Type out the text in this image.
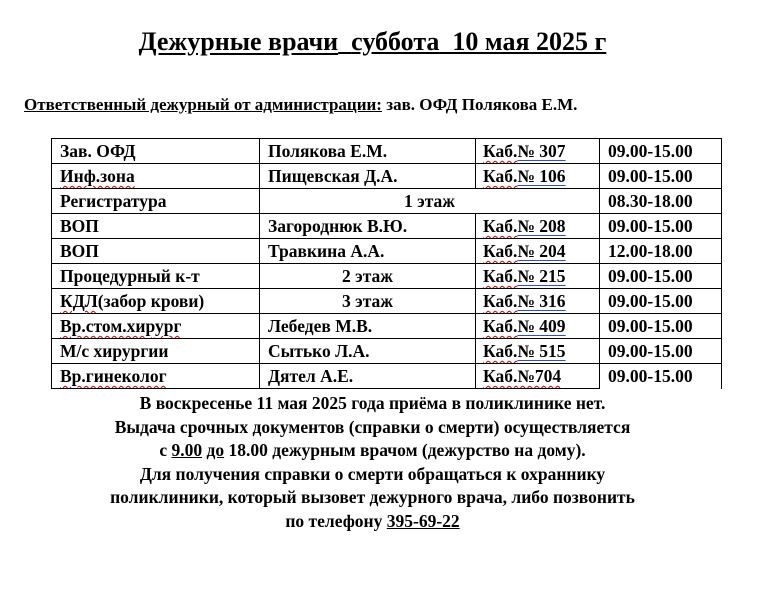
Дежурные врачи суббота 10 мая 2025 г
Ответственный дежурный от администрации: зав. ОФД Полякова Е.М.
Зав. ОФД	Полякова Е.М.	Каб.№ 307	09.00-15.00
Инф.зона	Пищевская Д.А.	Каб.№ 106	09.00-15.00
Регистратура	1 этаж		08.30-18.00
ВОП	Загороднюк В.Ю.	Каб.№ 208	09.00-15.00
ВОП	Травкина А.А.	Каб.№ 204	12.00-18.00
Процедурный к-т	2 этаж	Каб.№ 215	09.00-15.00
КДЛ(забор крови)	3 этаж	Каб.№ 316	09.00-15.00
Вр.стом.хирург	Лебедев М.В.	Каб.№ 409	09.00-15.00
М/с хирургии	Сытько Л.А.	Каб.№ 515	09.00-15.00
Вр.гинеколог	Дятел А.Е.	Каб.№704	09.00-15.00
В воскресенье 11 мая 2025 года приёма в поликлинике нет.
Выдача срочных документов (справки о смерти) осуществляется
с 9.00 до 18.00 дежурным врачом (дежурство на дому).
Для получения справки о смерти обращаться к охраннику
поликлиники, который вызовет дежурного врача, либо позвонить
по телефону 395-69-22
